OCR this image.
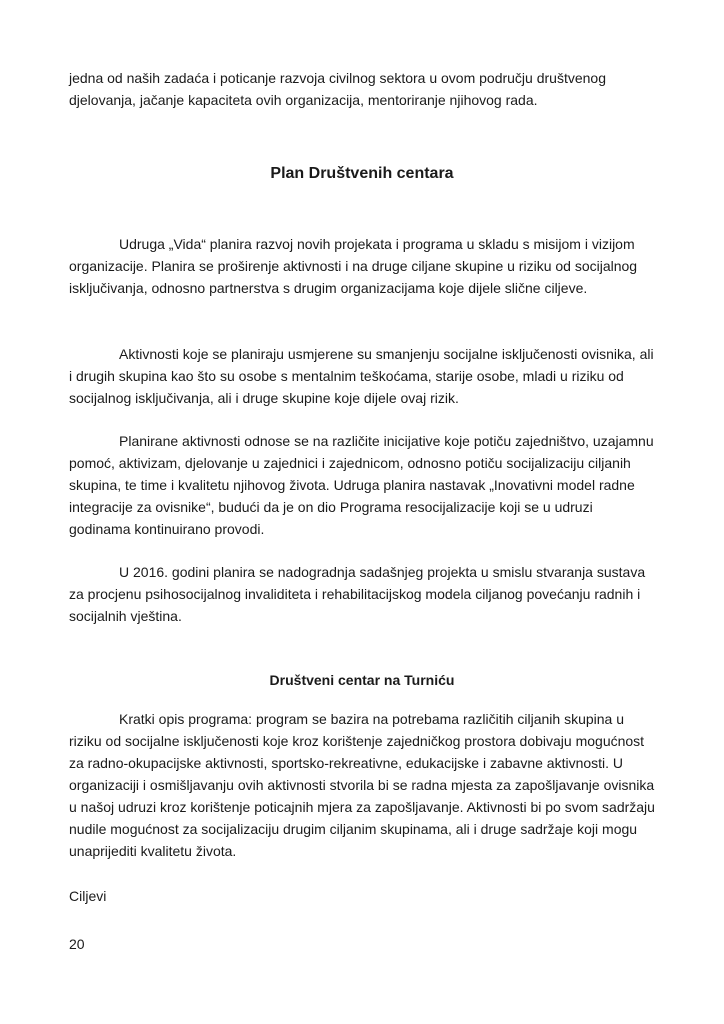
jedna od naših zadaća i poticanje razvoja civilnog sektora u ovom području društvenog djelovanja, jačanje kapaciteta ovih organizacija, mentoriranje njihovog rada.

Plan Društvenih centara

Udruga „Vida“ planira razvoj novih projekata i programa u skladu s misijom i vizijom organizacije. Planira se proširenje aktivnosti i na druge ciljane skupine u riziku od socijalnog isključivanja, odnosno partnerstva s drugim organizacijama koje dijele slične ciljeve.

Aktivnosti koje se planiraju usmjerene su smanjenju socijalne isključenosti ovisnika, ali i drugih skupina kao što su osobe s mentalnim teškoćama, starije osobe, mladi u riziku od socijalnog isključivanja, ali i druge skupine koje dijele ovaj rizik.

Planirane aktivnosti odnose se na različite inicijative koje potiču zajedništvo, uzajamnu pomoć, aktivizam, djelovanje u zajednici i zajednicom, odnosno potiču socijalizaciju ciljanih skupina, te time i kvalitetu njihovog života. Udruga planira nastavak „Inovativni model radne integracije za ovisnike“, budući da je on dio Programa resocijalizacije koji se u udruzi godinama kontinuirano provodi.

U 2016. godini planira se nadogradnja sadašnjeg projekta u smislu stvaranja sustava za procjenu psihosocijalnog invaliditeta i rehabilitacijskog modela ciljanog povećanju radnih i socijalnih vještina.

Društveni centar na Turniću

Kratki opis programa: program se bazira na potrebama različitih ciljanih skupina u riziku od socijalne isključenosti koje kroz korištenje zajedničkog prostora dobivaju mogućnost za radno-okupacijske aktivnosti, sportsko-rekreativne, edukacijske i zabavne aktivnosti. U organizaciji i osmišljavanju ovih aktivnosti stvorila bi se radna mjesta za zapošljavanje ovisnika u našoj udruzi kroz korištenje poticajnih mjera za zapošljavanje. Aktivnosti bi po svom sadržaju nudile mogućnost za socijalizaciju drugim ciljanim skupinama, ali i druge sadržaje koji mogu unaprijediti kvalitetu života.

Ciljevi

20
